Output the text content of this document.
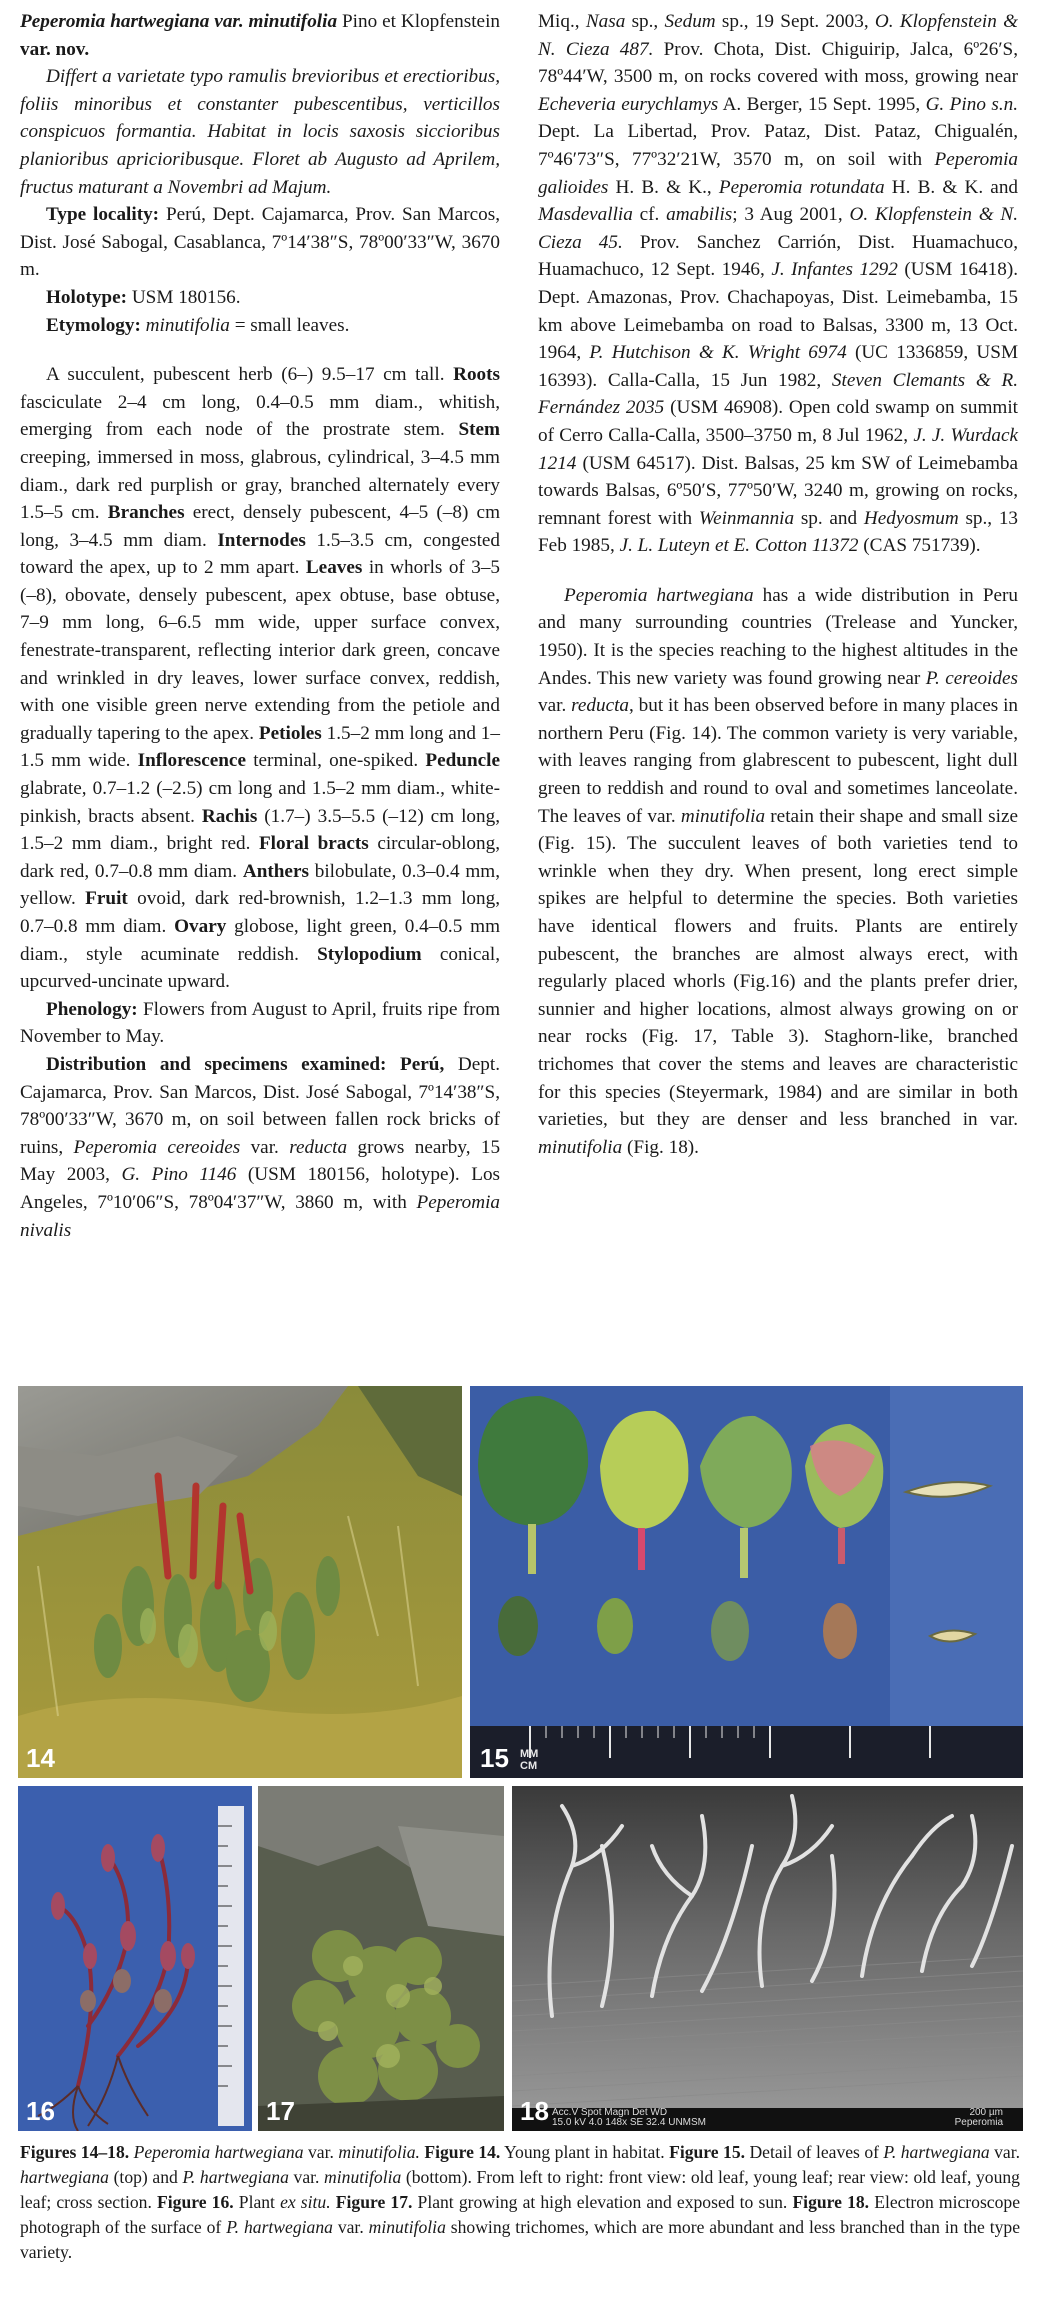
Peperomia hartwegiana var. minutifolia Pino et Klopfenstein var. nov.

Differt a varietate typo ramulis brevioribus et erectioribus, foliis minoribus et constanter pubescentibus, verticillos conspicuos formantia. Habitat in locis saxosis siccioribus planioribus apricioribusque. Floret ab Augusto ad Aprilem, fructus maturant a Novembri ad Majum.

Type locality: Perú, Dept. Cajamarca, Prov. San Marcos, Dist. José Sabogal, Casablanca, 7º14′38″S, 78º00′33″W, 3670 m.

Holotype: USM 180156.

Etymology: minutifolia = small leaves.

A succulent, pubescent herb (6–) 9.5–17 cm tall. Roots fasciculate 2–4 cm long, 0.4–0.5 mm diam., whitish, emerging from each node of the prostrate stem. Stem creeping, immersed in moss, glabrous, cylindrical, 3–4.5 mm diam., dark red purplish or gray, branched alternately every 1.5–5 cm. Branches erect, densely pubescent, 4–5 (–8) cm long, 3–4.5 mm diam. Internodes 1.5–3.5 cm, congested toward the apex, up to 2 mm apart. Leaves in whorls of 3–5 (–8), obovate, densely pubescent, apex obtuse, base obtuse, 7–9 mm long, 6–6.5 mm wide, upper surface convex, fenestrate-transparent, reflecting interior dark green, concave and wrinkled in dry leaves, lower surface convex, reddish, with one visible green nerve extending from the petiole and gradually tapering to the apex. Petioles 1.5–2 mm long and 1–1.5 mm wide. Inflorescence terminal, one-spiked. Peduncle glabrate, 0.7–1.2 (–2.5) cm long and 1.5–2 mm diam., white-pinkish, bracts absent. Rachis (1.7–) 3.5–5.5 (–12) cm long, 1.5–2 mm diam., bright red. Floral bracts circular-oblong, dark red, 0.7–0.8 mm diam. Anthers bilobulate, 0.3–0.4 mm, yellow. Fruit ovoid, dark red-brownish, 1.2–1.3 mm long, 0.7–0.8 mm diam. Ovary globose, light green, 0.4–0.5 mm diam., style acuminate reddish. Stylopodium conical, upcurved-uncinate upward.

Phenology: Flowers from August to April, fruits ripe from November to May.

Distribution and specimens examined: Perú, Dept. Cajamarca, Prov. San Marcos, Dist. José Sabogal, 7º14′38″S, 78º00′33″W, 3670 m, on soil between fallen rock bricks of ruins, Peperomia cereoides var. reducta grows nearby, 15 May 2003, G. Pino 1146 (USM 180156, holotype). Los Angeles, 7º10′06″S, 78º04′37″W, 3860 m, with Peperomia nivalis

Miq., Nasa sp., Sedum sp., 19 Sept. 2003, O. Klopfenstein & N. Cieza 487. Prov. Chota, Dist. Chiguirip, Jalca, 6º26′S, 78º44′W, 3500 m, on rocks covered with moss, growing near Echeveria eurychlamys A. Berger, 15 Sept. 1995, G. Pino s.n. Dept. La Libertad, Prov. Pataz, Dist. Pataz, Chigualén, 7º46′73″S, 77º32′21W, 3570 m, on soil with Peperomia galioides H. B. & K., Peperomia rotundata H. B. & K. and Masdevallia cf. amabilis; 3 Aug 2001, O. Klopfenstein & N. Cieza 45. Prov. Sanchez Carrión, Dist. Huamachuco, Huamachuco, 12 Sept. 1946, J. Infantes 1292 (USM 16418). Dept. Amazonas, Prov. Chachapoyas, Dist. Leimebamba, 15 km above Leimebamba on road to Balsas, 3300 m, 13 Oct. 1964, P. Hutchison & K. Wright 6974 (UC 1336859, USM 16393). Calla-Calla, 15 Jun 1982, Steven Clemants & R. Fernández 2035 (USM 46908). Open cold swamp on summit of Cerro Calla-Calla, 3500–3750 m, 8 Jul 1962, J. J. Wurdack 1214 (USM 64517). Dist. Balsas, 25 km SW of Leimebamba towards Balsas, 6º50′S, 77º50′W, 3240 m, growing on rocks, remnant forest with Weinmannia sp. and Hedyosmum sp., 13 Feb 1985, J. L. Luteyn et E. Cotton 11372 (CAS 751739).

Peperomia hartwegiana has a wide distribution in Peru and many surrounding countries (Trelease and Yuncker, 1950). It is the species reaching to the highest altitudes in the Andes. This new variety was found growing near P. cereoides var. reducta, but it has been observed before in many places in northern Peru (Fig. 14). The common variety is very variable, with leaves ranging from glabrescent to pubescent, light dull green to reddish and round to oval and sometimes lanceolate. The leaves of var. minutifolia retain their shape and small size (Fig. 15). The succulent leaves of both varieties tend to wrinkle when they dry. When present, long erect simple spikes are helpful to determine the species. Both varieties have identical flowers and fruits. Plants are entirely pubescent, the branches are almost always erect, with regularly placed whorls (Fig.16) and the plants prefer drier, sunnier and higher locations, almost always growing on or near rocks (Fig. 17, Table 3). Staghorn-like, branched trichomes that cover the stems and leaves are characteristic for this species (Steyermark, 1984) and are similar in both varieties, but they are denser and less branched in var. minutifolia (Fig. 18).

14	15 MM CM
16	17	18 Acc.V Spot Magn Det WD
15.0 kV 4.0 148x SE 32.4 UNMSM
200 µm
Peperomia

Figures 14–18. Peperomia hartwegiana var. minutifolia. Figure 14. Young plant in habitat. Figure 15. Detail of leaves of P. hartwegiana var. hartwegiana (top) and P. hartwegiana var. minutifolia (bottom). From left to right: front view: old leaf, young leaf; rear view: old leaf, young leaf; cross section. Figure 16. Plant ex situ. Figure 17. Plant growing at high elevation and exposed to sun. Figure 18. Electron microscope photograph of the surface of P. hartwegiana var. minutifolia showing trichomes, which are more abundant and less branched than in the type variety.
